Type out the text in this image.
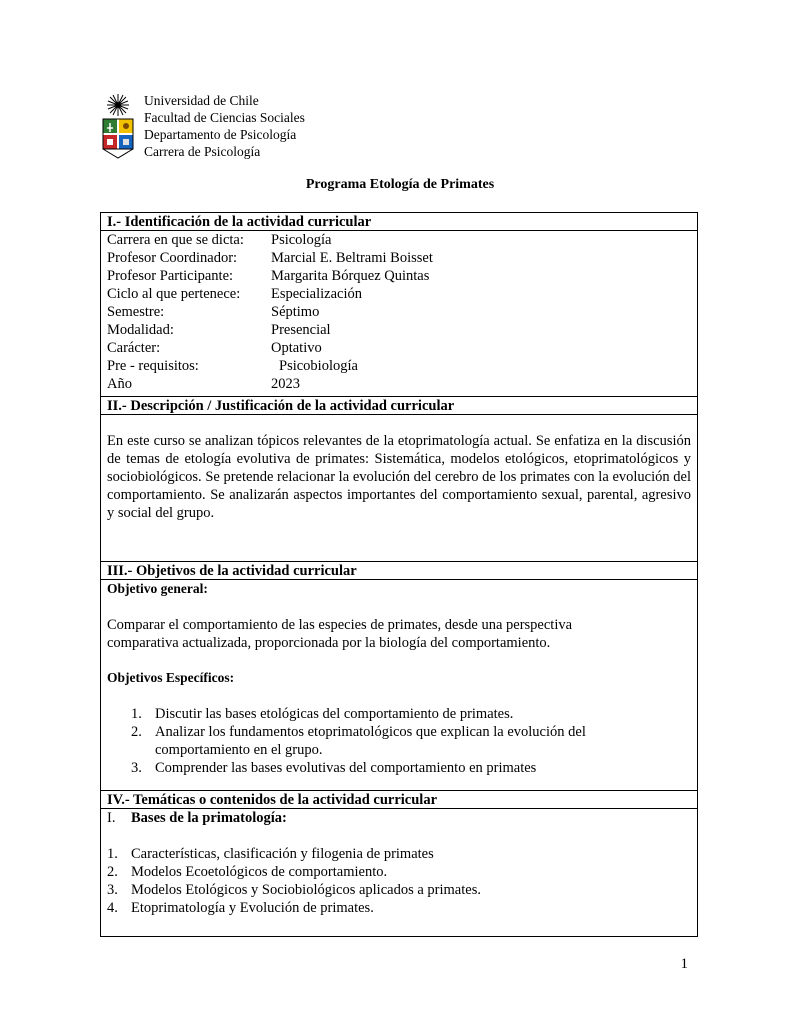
Universidad de Chile
Facultad de Ciencias Sociales
Departamento de Psicología
Carrera de Psicología
Programa Etología de Primates
I.- Identificación de la actividad curricular
Carrera en que se dicta:	Psicología
Profesor Coordinador:	Marcial E. Beltrami Boisset
Profesor Participante:	Margarita Bórquez Quintas
Ciclo al que pertenece:	Especialización
Semestre:	Séptimo
Modalidad:	Presencial
Carácter:	Optativo
Pre - requisitos:	Psicobiología
Año	2023
II.- Descripción / Justificación de la actividad curricular

En este curso se analizan tópicos relevantes de la etoprimatología actual. Se enfatiza en la discusión de temas de etología evolutiva de primates: Sistemática, modelos etológicos, etoprimatológicos y sociobiológicos. Se pretende relacionar la evolución del cerebro de los primates con la evolución del comportamiento. Se analizarán aspectos importantes del comportamiento sexual, parental, agresivo y social del grupo.

III.- Objetivos de la actividad curricular

Objetivo general:

Comparar el comportamiento de las especies de primates, desde una perspectiva

comparativa actualizada, proporcionada por la biología del comportamiento.

Objetivos Específicos:

1. Discutir las bases etológicas del comportamiento de primates.
2. Analizar los fundamentos etoprimatológicos que explican la evolución del comportamiento en el grupo.
3. Comprender las bases evolutivas del comportamiento en primates
IV.- Temáticas o contenidos de la actividad curricular
I.	Bases de la primatología:
1. Características, clasificación y filogenia de primates
2. Modelos Ecoetológicos de comportamiento.
3. Modelos Etológicos y Sociobiológicos aplicados a primates.
4. Etoprimatología y Evolución de primates.
1
